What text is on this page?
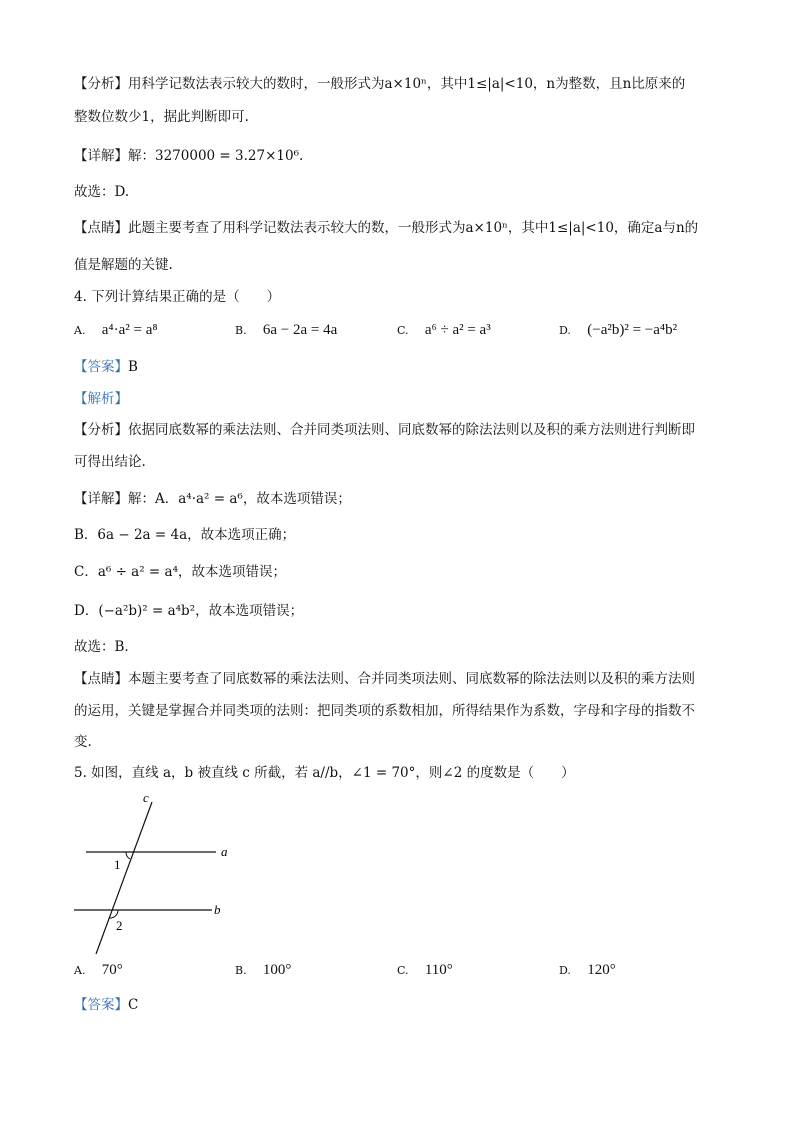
【分析】用科学记数法表示较大的数时，一般形式为a×10ⁿ，其中1≤|a|<10，n为整数，且n比原来的
整数位数少1，据此判断即可.
【详解】解：3270000 = 3.27×10⁶.
故选：D.
【点睛】此题主要考查了用科学记数法表示较大的数，一般形式为a×10ⁿ，其中1≤|a|<10，确定a与n的
值是解题的关键.
4. 下列计算结果正确的是（　　）
A. a⁴·a² = a⁸	B. 6a − 2a = 4a	C. a⁶ ÷ a² = a³	D. (−a²b)² = −a⁴b²
【答案】B
【解析】
【分析】依据同底数幂的乘法法则、合并同类项法则、同底数幂的除法法则以及积的乘方法则进行判断即
可得出结论.
【详解】解：A．a⁴·a² = a⁶，故本选项错误；
B．6a − 2a = 4a，故本选项正确；
C．a⁶ ÷ a² = a⁴，故本选项错误；
D．(−a²b)² = a⁴b²，故本选项错误；
故选：B.
【点睛】本题主要考查了同底数幂的乘法法则、合并同类项法则、同底数幂的除法法则以及积的乘方法则
的运用，关键是掌握合并同类项的法则：把同类项的系数相加，所得结果作为系数，字母和字母的指数不
变.
5. 如图，直线 a，b 被直线 c 所截，若 a//b，∠1 = 70°，则∠2 的度数是（　　）
c
a
b
1
2
A. 70°	B. 100°	C. 110°	D. 120°
【答案】C
